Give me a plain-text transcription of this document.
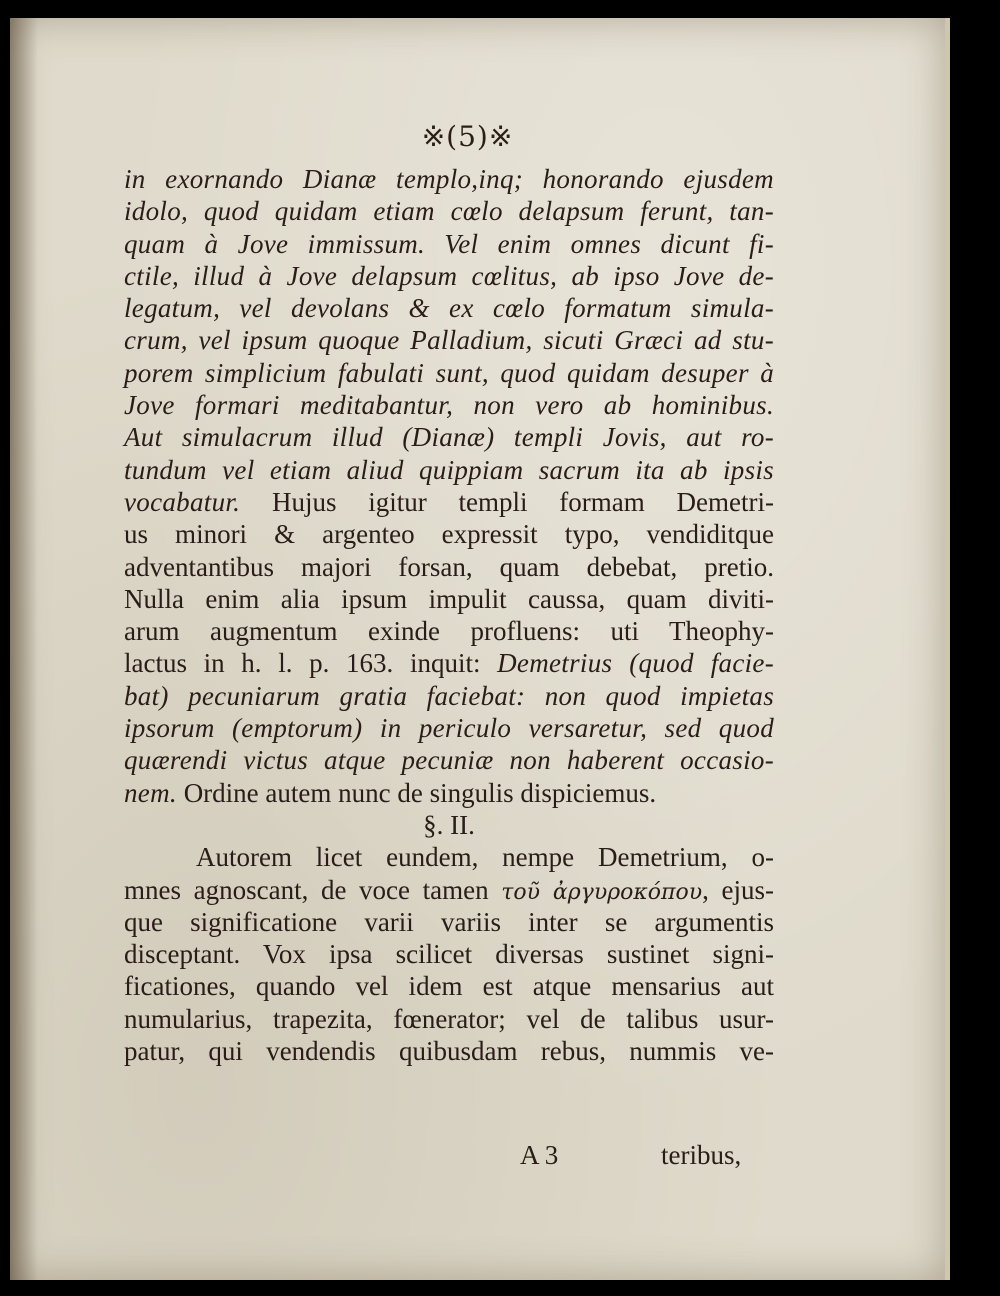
※(5)※
in exornando Dianæ templo,inq; honorando ejusdem
idolo, quod quidam etiam cœlo delapsum ferunt, tan-
quam à Jove immissum. Vel enim omnes dicunt fi-
ctile, illud à Jove delapsum cœlitus, ab ipso Jove de-
legatum, vel devolans & ex cœlo formatum simula-
crum, vel ipsum quoque Palladium, sicuti Græci ad stu-
porem simplicium fabulati sunt, quod quidam desuper à
Jove formari meditabantur, non vero ab hominibus.
Aut simulacrum illud (Dianæ) templi Jovis, aut ro-
tundum vel etiam aliud quippiam sacrum ita ab ipsis
vocabatur. Hujus igitur templi formam Demetri-
us minori & argenteo expressit typo, vendiditque
adventantibus majori forsan, quam debebat, pretio.
Nulla enim alia ipsum impulit caussa, quam diviti-
arum augmentum exinde profluens: uti Theophy-
lactus in h. l. p. 163. inquit: Demetrius (quod facie-
bat) pecuniarum gratia faciebat: non quod impietas
ipsorum (emptorum) in periculo versaretur, sed quod
quærendi victus atque pecuniæ non haberent occasio-
nem. Ordine autem nunc de singulis dispiciemus.
§. II.
Autorem licet eundem, nempe Demetrium, o-
mnes agnoscant, de voce tamen τοῦ ἀργυροκόπου, ejus-
que significatione varii variis inter se argumentis
disceptant. Vox ipsa scilicet diversas sustinet signi-
ficationes, quando vel idem est atque mensarius aut
numularius, trapezita, fœnerator; vel de talibus usur-
patur, qui vendendis quibusdam rebus, nummis ve-
A 3	teribus,
